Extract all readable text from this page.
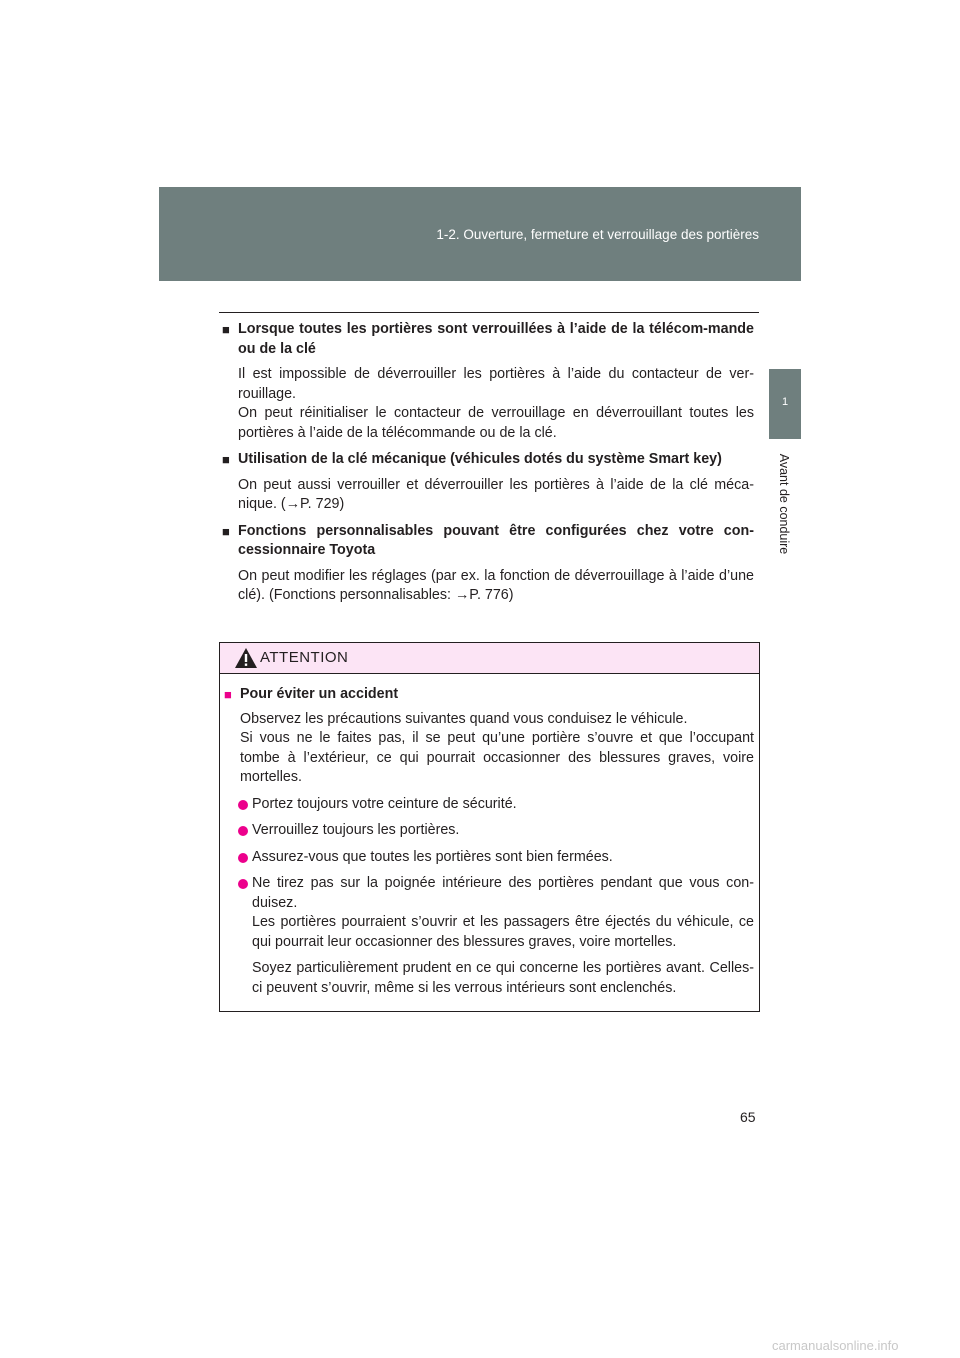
1-2. Ouverture, fermeture et verrouillage des portières
1
Avant de conduire
■ Lorsque toutes les portières sont verrouillées à l’aide de la télécom-mande ou de la clé

Il est impossible de déverrouiller les portières à l’aide du contacteur de ver-rouillage.
On peut réinitialiser le contacteur de verrouillage en déverrouillant toutes les portières à l’aide de la télécommande ou de la clé.

■ Utilisation de la clé mécanique (véhicules dotés du système Smart key)

On peut aussi verrouiller et déverrouiller les portières à l’aide de la clé méca-nique. (→P. 729)

■ Fonctions personnalisables pouvant être configurées chez votre con-cessionnaire Toyota

On peut modifier les réglages (par ex. la fonction de déverrouillage à l’aide d’une clé). (Fonctions personnalisables: →P. 776)

ATTENTION
■ Pour éviter un accident

Observez les précautions suivantes quand vous conduisez le véhicule.
Si vous ne le faites pas, il se peut qu’une portière s’ouvre et que l’occupant tombe à l’extérieur, ce qui pourrait occasionner des blessures graves, voire mortelles.

Portez toujours votre ceinture de sécurité.

Verrouillez toujours les portières.

Assurez-vous que toutes les portières sont bien fermées.

Ne tirez pas sur la poignée intérieure des portières pendant que vous con-duisez.

Les portières pourraient s’ouvrir et les passagers être éjectés du véhicule, ce qui pourrait leur occasionner des blessures graves, voire mortelles.

Soyez particulièrement prudent en ce qui concerne les portières avant. Celles-ci peuvent s’ouvrir, même si les verrous intérieurs sont enclenchés.

65
carmanualsonline.info
